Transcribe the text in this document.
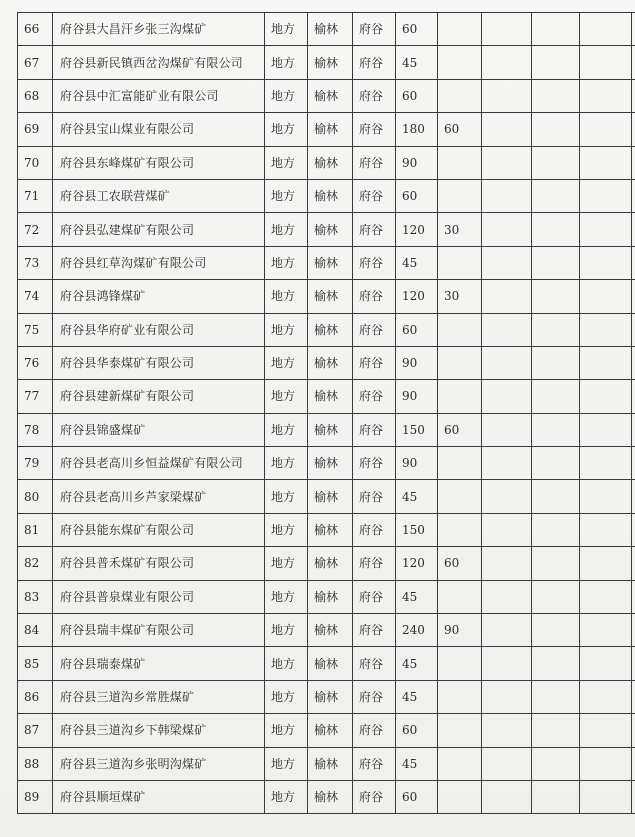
66	府谷县大昌汗乡张三沟煤矿	地方	榆林	府谷	60					
67	府谷县新民镇西岔沟煤矿有限公司	地方	榆林	府谷	45					
68	府谷县中汇富能矿业有限公司	地方	榆林	府谷	60					
69	府谷县宝山煤业有限公司	地方	榆林	府谷	180	60				
70	府谷县东峰煤矿有限公司	地方	榆林	府谷	90					
71	府谷县工农联营煤矿	地方	榆林	府谷	60					
72	府谷县弘建煤矿有限公司	地方	榆林	府谷	120	30				
73	府谷县红草沟煤矿有限公司	地方	榆林	府谷	45					
74	府谷县鸿锋煤矿	地方	榆林	府谷	120	30				
75	府谷县华府矿业有限公司	地方	榆林	府谷	60					
76	府谷县华泰煤矿有限公司	地方	榆林	府谷	90					
77	府谷县建新煤矿有限公司	地方	榆林	府谷	90					
78	府谷县锦盛煤矿	地方	榆林	府谷	150	60				
79	府谷县老高川乡恒益煤矿有限公司	地方	榆林	府谷	90					
80	府谷县老高川乡芦家梁煤矿	地方	榆林	府谷	45					
81	府谷县能东煤矿有限公司	地方	榆林	府谷	150					
82	府谷县普禾煤矿有限公司	地方	榆林	府谷	120	60				
83	府谷县普泉煤业有限公司	地方	榆林	府谷	45					
84	府谷县瑞丰煤矿有限公司	地方	榆林	府谷	240	90				
85	府谷县瑞泰煤矿	地方	榆林	府谷	45					
86	府谷县三道沟乡常胜煤矿	地方	榆林	府谷	45					
87	府谷县三道沟乡下韩梁煤矿	地方	榆林	府谷	60					
88	府谷县三道沟乡张明沟煤矿	地方	榆林	府谷	45					
89	府谷县顺垣煤矿	地方	榆林	府谷	60					
